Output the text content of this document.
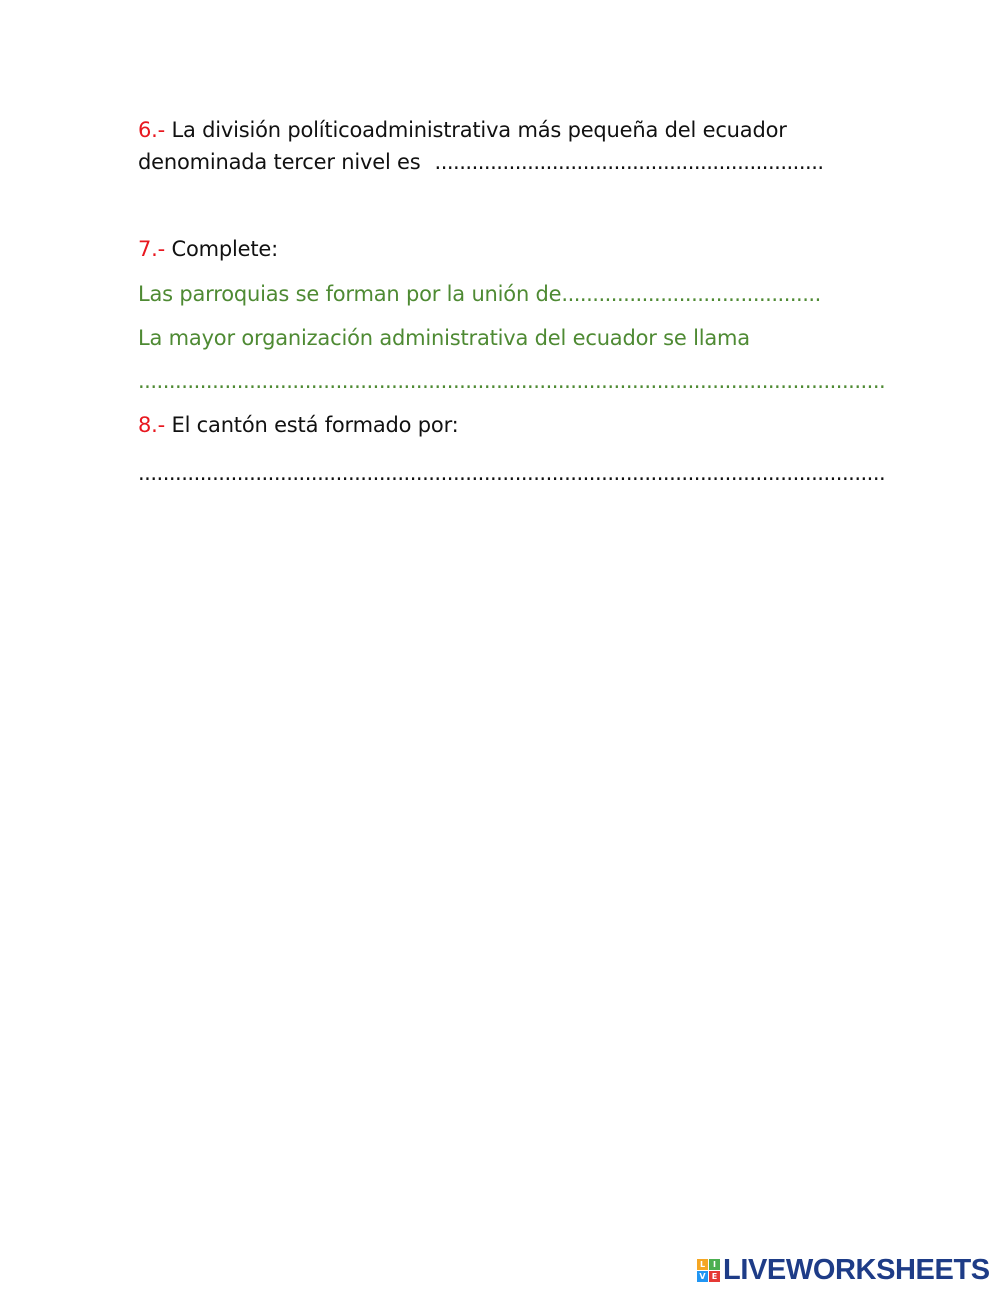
6.- La división políticoadministrativa más pequeña del ecuador
denominada tercer nivel es ...............................................................
7.- Complete:
Las parroquias se forman por la unión de..........................................
La mayor organización administrativa del ecuador se llama
.........................................................................................................................
8.- El cantón está formado por:
.........................................................................................................................
L I
V E LIVEWORKSHEETS
